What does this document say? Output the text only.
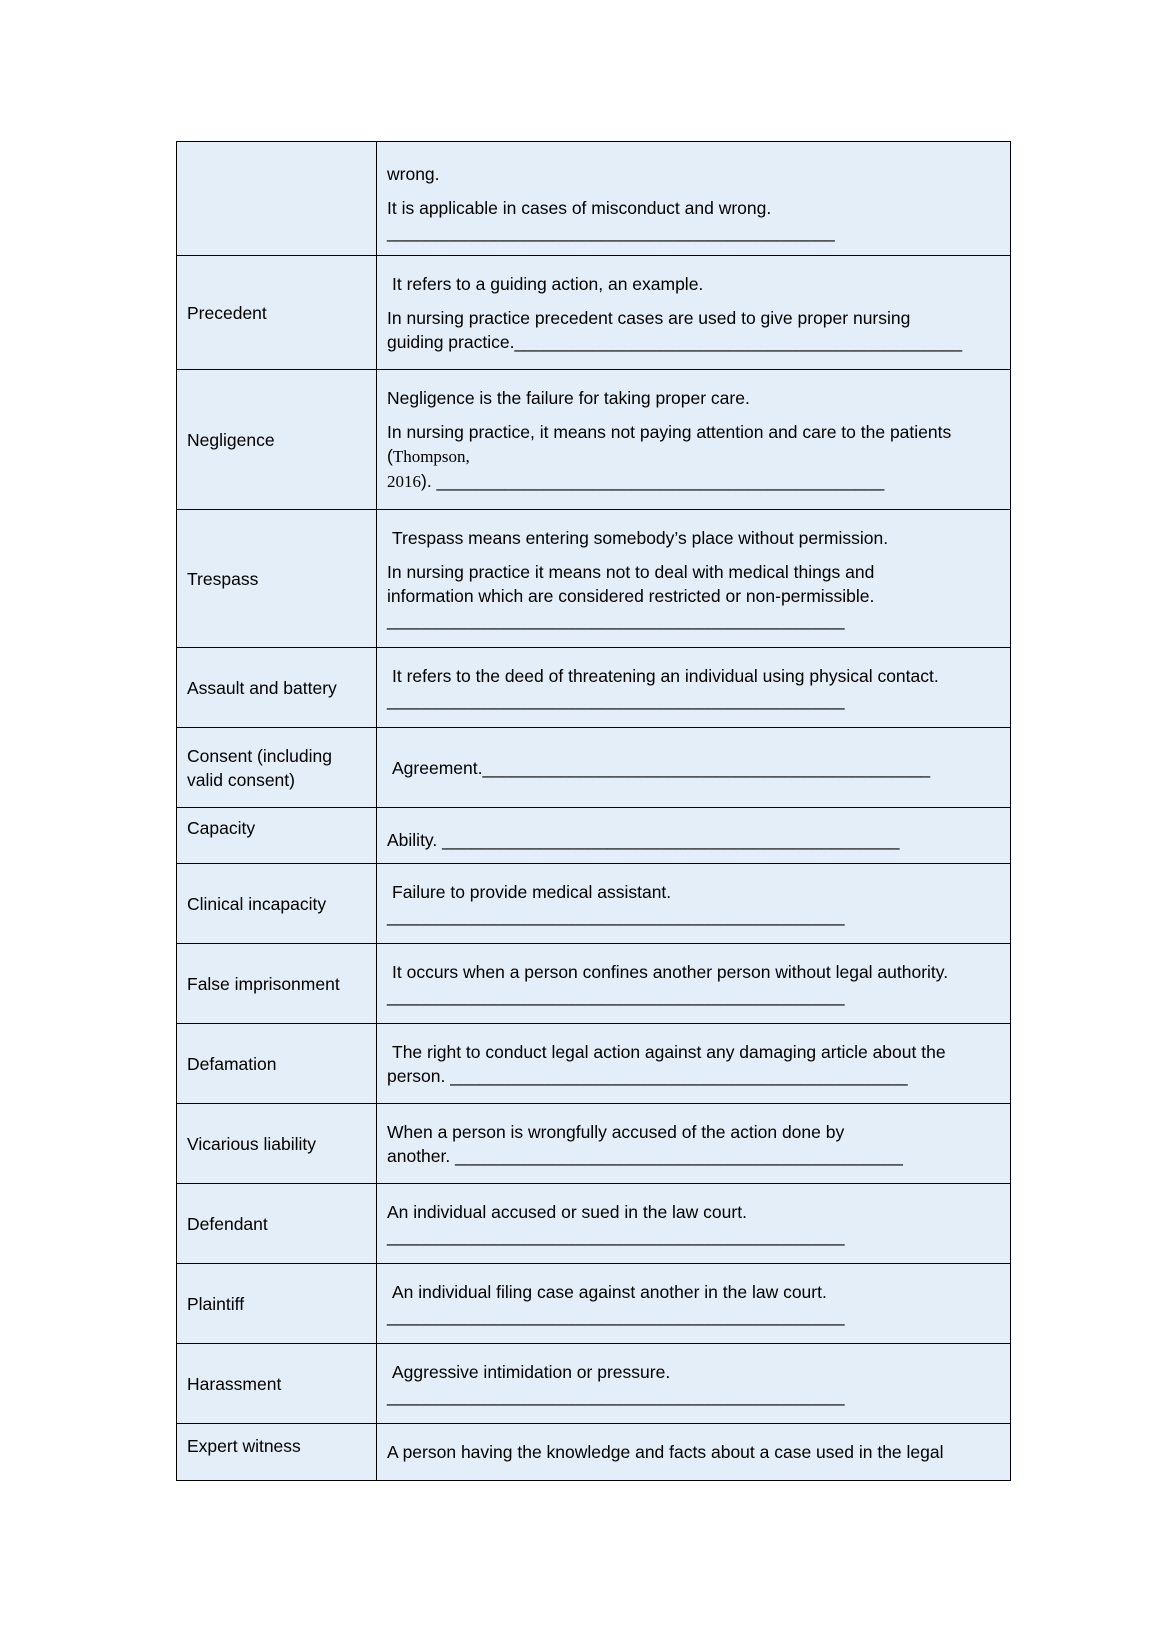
	wrong.
It is applicable in cases of misconduct and wrong.
______________________________________________

Precedent	It refers to a guiding action, an example.
In nursing practice precedent cases are used to give proper nursing
guiding practice.______________________________________________

Negligence	Negligence is the failure for taking proper care.
In nursing practice, it means not paying attention and care to the patients
(Thompson,
2016). ______________________________________________

Trespass	Trespass means entering somebody’s place without permission.
In nursing practice it means not to deal with medical things and
information which are considered restricted or non-permissible.
_______________________________________________

Assault and battery	It refers to the deed of threatening an individual using physical contact.
_______________________________________________

Consent (including
valid consent)	Agreement.______________________________________________

Capacity	Ability. _______________________________________________

Clinical incapacity	Failure to provide medical assistant.
_______________________________________________

False imprisonment	It occurs when a person confines another person without legal authority.
_______________________________________________

Defamation	The right to conduct legal action against any damaging article about the
person. _______________________________________________

Vicarious liability	When a person is wrongfully accused of the action done by
another. ______________________________________________

Defendant	An individual accused or sued in the law court.
_______________________________________________

Plaintiff	An individual filing case against another in the law court.
_______________________________________________

Harassment	Aggressive intimidation or pressure.
_______________________________________________

Expert witness	A person having the knowledge and facts about a case used in the legal
